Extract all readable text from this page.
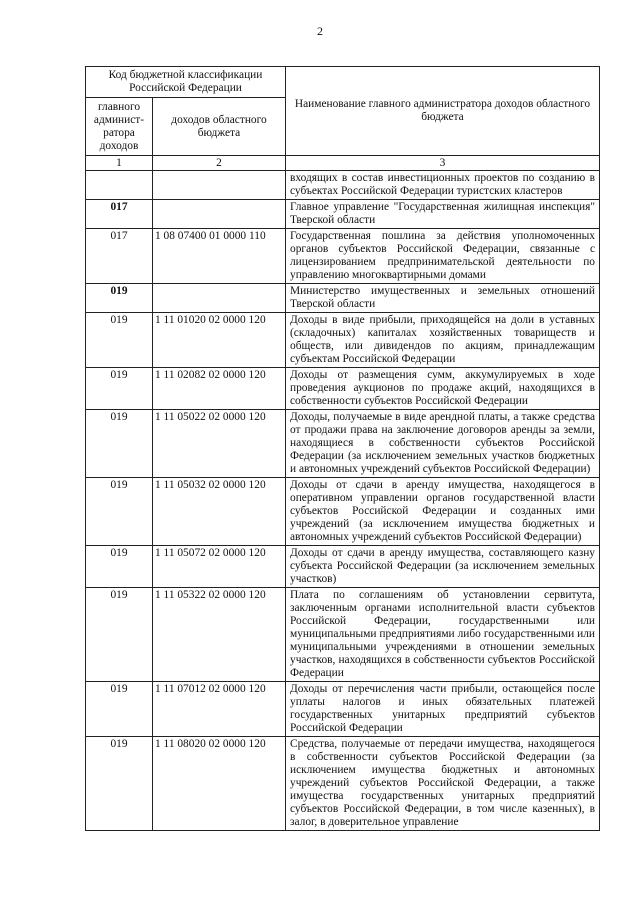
2
Код бюджетной классификации Российской Федерации		Наименование главного администратора доходов областного бюджета
главного админист-ратора доходов	доходов областного бюджета	
1	2	3
		входящих в состав инвестиционных проектов по созданию в субъектах Российской Федерации туристских кластеров
017		Главное управление "Государственная жилищная инспекция" Тверской области
017	1 08 07400 01 0000 110	Государственная пошлина за действия уполномоченных органов субъектов Российской Федерации, связанные с лицензированием предпринимательской деятельности по управлению многоквартирными домами
019		Министерство имущественных и земельных отношений Тверской области
019	1 11 01020 02 0000 120	Доходы в виде прибыли, приходящейся на доли в уставных (складочных) капиталах хозяйственных товариществ и обществ, или дивидендов по акциям, принадлежащим субъектам Российской Федерации
019	1 11 02082 02 0000 120	Доходы от размещения сумм, аккумулируемых в ходе проведения аукционов по продаже акций, находящихся в собственности субъектов Российской Федерации
019	1 11 05022 02 0000 120	Доходы, получаемые в виде арендной платы, а также средства от продажи права на заключение договоров аренды за земли, находящиеся в собственности субъектов Российской Федерации (за исключением земельных участков бюджетных и автономных учреждений субъектов Российской Федерации)
019	1 11 05032 02 0000 120	Доходы от сдачи в аренду имущества, находящегося в оперативном управлении органов государственной власти субъектов Российской Федерации и созданных ими учреждений (за исключением имущества бюджетных и автономных учреждений субъектов Российской Федерации)
019	1 11 05072 02 0000 120	Доходы от сдачи в аренду имущества, составляющего казну субъекта Российской Федерации (за исключением земельных участков)
019	1 11 05322 02 0000 120	Плата по соглашениям об установлении сервитута, заключенным органами исполнительной власти субъектов Российской Федерации, государственными или муниципальными предприятиями либо государственными или муниципальными учреждениями в отношении земельных участков, находящихся в собственности субъектов Российской Федерации
019	1 11 07012 02 0000 120	Доходы от перечисления части прибыли, остающейся после уплаты налогов и иных обязательных платежей государственных унитарных предприятий субъектов Российской Федерации
019	1 11 08020 02 0000 120	Средства, получаемые от передачи имущества, находящегося в собственности субъектов Российской Федерации (за исключением имущества бюджетных и автономных учреждений субъектов Российской Федерации, а также имущества государственных унитарных предприятий субъектов Российской Федерации, в том числе казенных), в залог, в доверительное управление
